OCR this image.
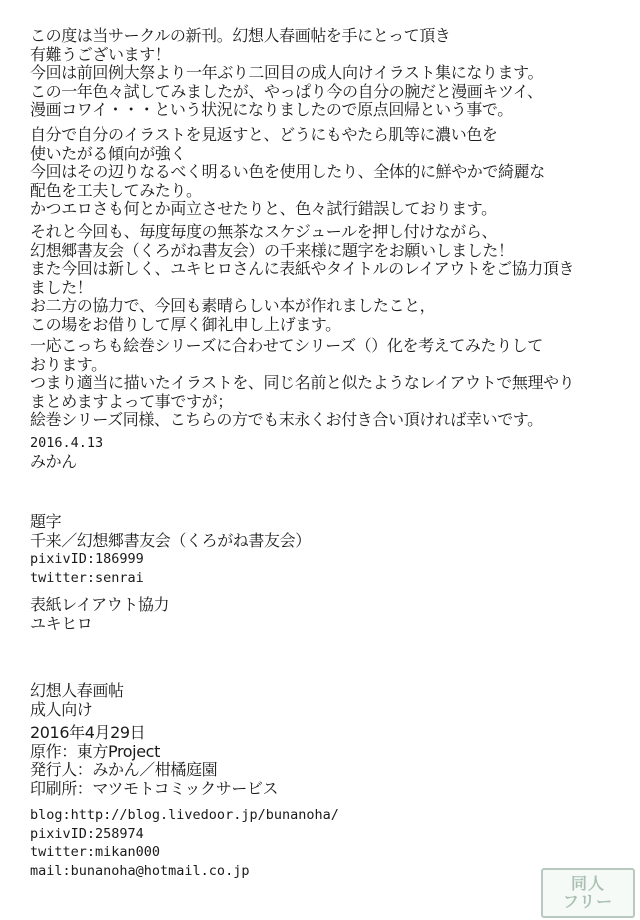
この度は当サークルの新刊。幻想人春画帖を手にとって頂き
有難うございます！
今回は前回例大祭より一年ぶり二回目の成人向けイラスト集になります。
この一年色々試してみましたが、やっぱり今の自分の腕だと漫画キツイ、
漫画コワイ・・・という状況になりましたので原点回帰という事で。
自分で自分のイラストを見返すと、どうにもやたら肌等に濃い色を
使いたがる傾向が強く
今回はその辺りなるべく明るい色を使用したり、全体的に鮮やかで綺麗な
配色を工夫してみたり。
かつエロさも何とか両立させたりと、色々試行錯誤しております。
それと今回も、毎度毎度の無茶なスケジュールを押し付けながら、
幻想郷書友会（くろがね書友会）の千来様に題字をお願いしました！
また今回は新しく、ユキヒロさんに表紙やタイトルのレイアウトをご協力頂き
ました！
お二方の協力で、今回も素晴らしい本が作れましたこと，
この場をお借りして厚く御礼申し上げます。
一応こっちも絵巻シリーズに合わせてシリーズ（）化を考えてみたりして
おります。
つまり適当に描いたイラストを、同じ名前と似たようなレイアウトで無理やり
まとめますよって事ですが；
絵巻シリーズ同様、こちらの方でも末永くお付き合い頂ければ幸いです。
2016.4.13
みかん
題字
千来／幻想郷書友会（くろがね書友会）
pixivID:186999
twitter:senrai
表紙レイアウト協力
ユキヒロ
幻想人春画帖
成人向け
2016年4月29日
原作：東方Project
発行人：みかん／柑橘庭園
印刷所：マツモトコミックサービス
blog:http://blog.livedoor.jp/bunanoha/
pixivID:258974
twitter:mikan000
mail:bunanoha@hotmail.co.jp
同人
フリー
